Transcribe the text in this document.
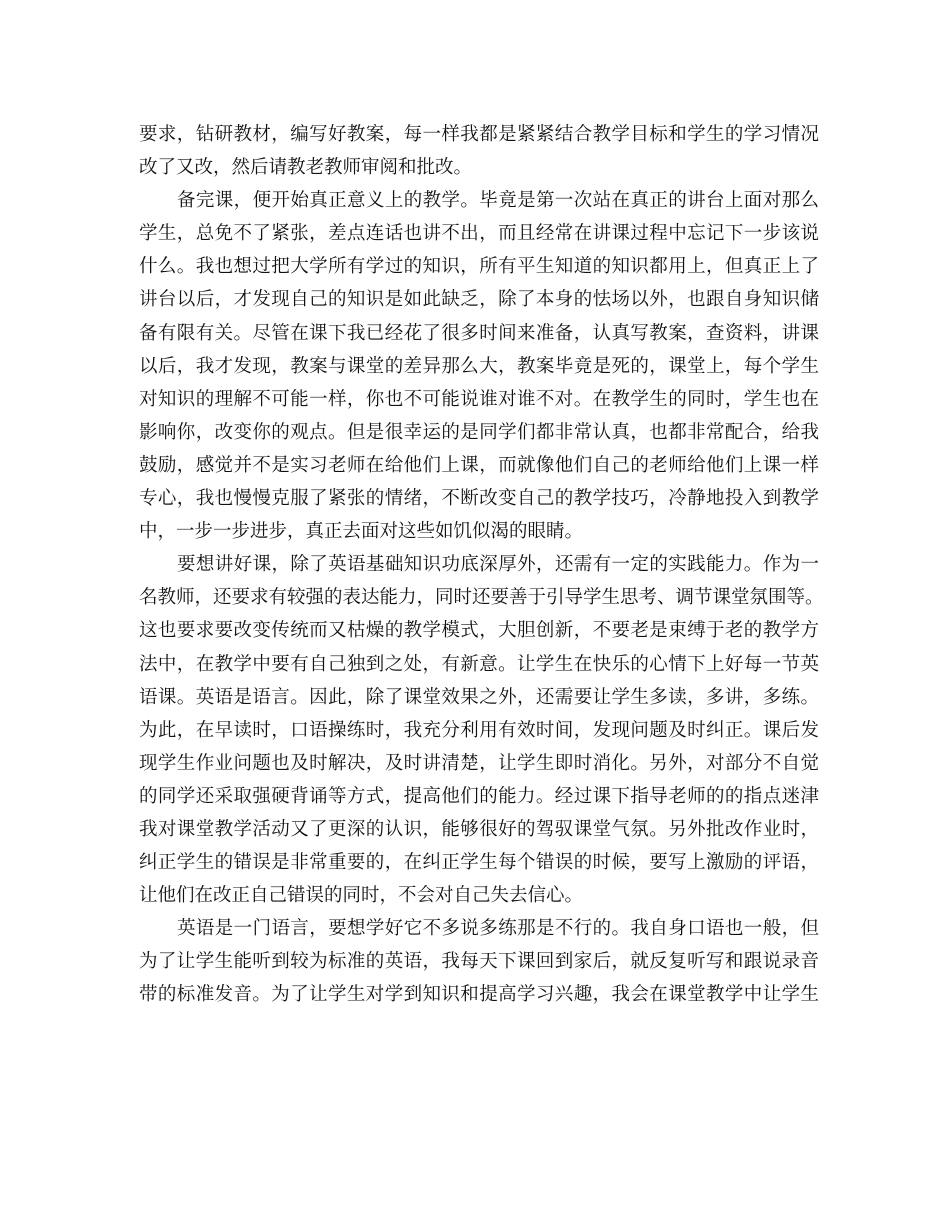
要求，钻研教材，编写好教案，每一样我都是紧紧结合教学目标和学生的学习情况
改了又改，然后请教老教师审阅和批改。
备完课，便开始真正意义上的教学。毕竟是第一次站在真正的讲台上面对那么
学生，总免不了紧张，差点连话也讲不出，而且经常在讲课过程中忘记下一步该说
什么。我也想过把大学所有学过的知识，所有平生知道的知识都用上，但真正上了
讲台以后，才发现自己的知识是如此缺乏，除了本身的怯场以外，也跟自身知识储
备有限有关。尽管在课下我已经花了很多时间来准备，认真写教案，查资料，讲课
以后，我才发现，教案与课堂的差异那么大，教案毕竟是死的，课堂上，每个学生
对知识的理解不可能一样，你也不可能说谁对谁不对。在教学生的同时，学生也在
影响你，改变你的观点。但是很幸运的是同学们都非常认真，也都非常配合，给我
鼓励，感觉并不是实习老师在给他们上课，而就像他们自己的老师给他们上课一样
专心，我也慢慢克服了紧张的情绪，不断改变自己的教学技巧，冷静地投入到教学
中，一步一步进步，真正去面对这些如饥似渴的眼睛。
要想讲好课，除了英语基础知识功底深厚外，还需有一定的实践能力。作为一
名教师，还要求有较强的表达能力，同时还要善于引导学生思考、调节课堂氛围等。
这也要求要改变传统而又枯燥的教学模式，大胆创新，不要老是束缚于老的教学方
法中，在教学中要有自己独到之处，有新意。让学生在快乐的心情下上好每一节英
语课。英语是语言。因此，除了课堂效果之外，还需要让学生多读，多讲，多练。
为此，在早读时，口语操练时，我充分利用有效时间，发现问题及时纠正。课后发
现学生作业问题也及时解决，及时讲清楚，让学生即时消化。另外，对部分不自觉
的同学还采取强硬背诵等方式，提高他们的能力。经过课下指导老师的的指点迷津
我对课堂教学活动又了更深的认识，能够很好的驾驭课堂气氛。另外批改作业时，
纠正学生的错误是非常重要的，在纠正学生每个错误的时候，要写上激励的评语，
让他们在改正自己错误的同时，不会对自己失去信心。
英语是一门语言，要想学好它不多说多练那是不行的。我自身口语也一般，但
为了让学生能听到较为标准的英语，我每天下课回到家后，就反复听写和跟说录音
带的标准发音。为了让学生对学到知识和提高学习兴趣，我会在课堂教学中让学生
